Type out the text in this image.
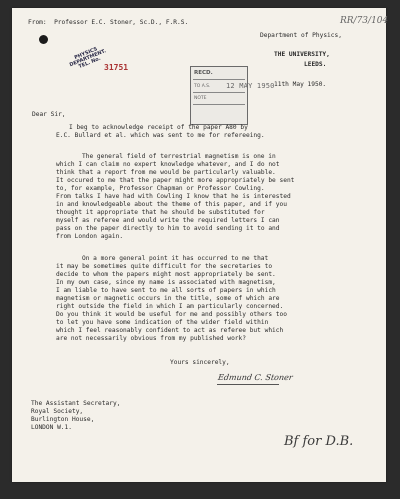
RR/73/104
From:  Professor E.C. Stoner, Sc.D., F.R.S.
Department of Physics,
THE UNIVERSITY,
LEEDS.
PHYSICS DEPARTMENT. TEL. No. 31751
RECD.
TO A.S.
NOTE
12 MAY 1950 11th May 1950.
Dear Sir,
I beg to acknowledge receipt of the paper A80 by
E.C. Bullard et al. which was sent to me for refereeing.
The general field of terrestrial magnetism is one in
which I can claim no expert knowledge whatever, and I do not
think that a report from me would be particularly valuable.
It occured to me that the paper might more appropriately be sent
to, for example, Professor Chapman or Professor Cowling.
From talks I have had with Cowling I know that he is interested
in and knowledgeable about the theme of this paper, and if you
thought it appropriate that he should be substituted for
myself as referee and would write the required letters I can
pass on the paper directly to him to avoid sending it to and
from London again.
On a more general point it has occurred to me that
it may be sometimes quite difficult for the secretaries to
decide to whom the papers might most appropriately be sent.
In my own case, since my name is associated with magnetism,
I am liable to have sent to me all sorts of papers in which
magnetism or magnetic occurs in the title, some of which are
right outside the field in which I am particularly concerned.
Do you think it would be useful for me and possibly others too
to let you have some indication of the wider field within
which I feel reasonably confident to act as referee but which
are not necessarily obvious from my published work?
Yours sincerely,
Edmund C. Stoner
The Assistant Secretary,
Royal Society,
Burlington House,
LONDON W.1.
Bf for D.B.
